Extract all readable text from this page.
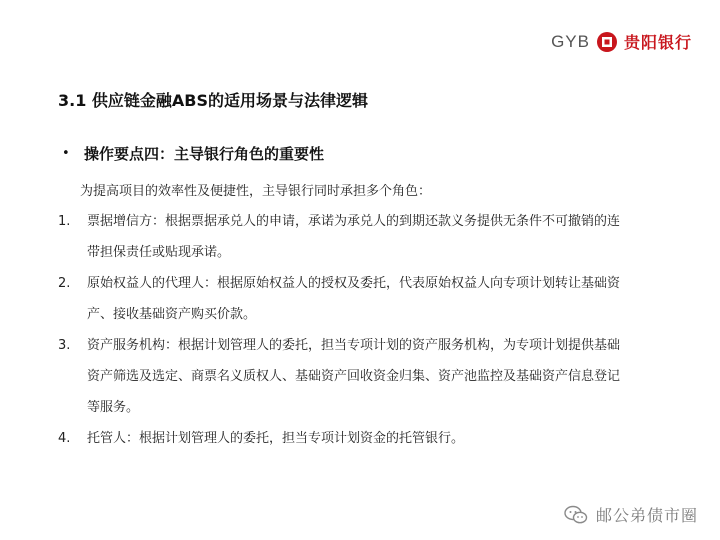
GYB 贵阳银行
3.1 供应链金融ABS的适用场景与法律逻辑
• 操作要点四：主导银行角色的重要性
为提高项目的效率性及便捷性，主导银行同时承担多个角色：
1.	票据增信方：根据票据承兑人的申请，承诺为承兑人的到期还款义务提供无条件不可撤销的连
带担保责任或贴现承诺。
2.	原始权益人的代理人：根据原始权益人的授权及委托，代表原始权益人向专项计划转让基础资
产、接收基础资产购买价款。
3.	资产服务机构：根据计划管理人的委托，担当专项计划的资产服务机构，为专项计划提供基础
资产筛选及选定、商票名义质权人、基础资产回收资金归集、资产池监控及基础资产信息登记
等服务。
4.	托管人：根据计划管理人的委托，担当专项计划资金的托管银行。
邮公弟债市圈
